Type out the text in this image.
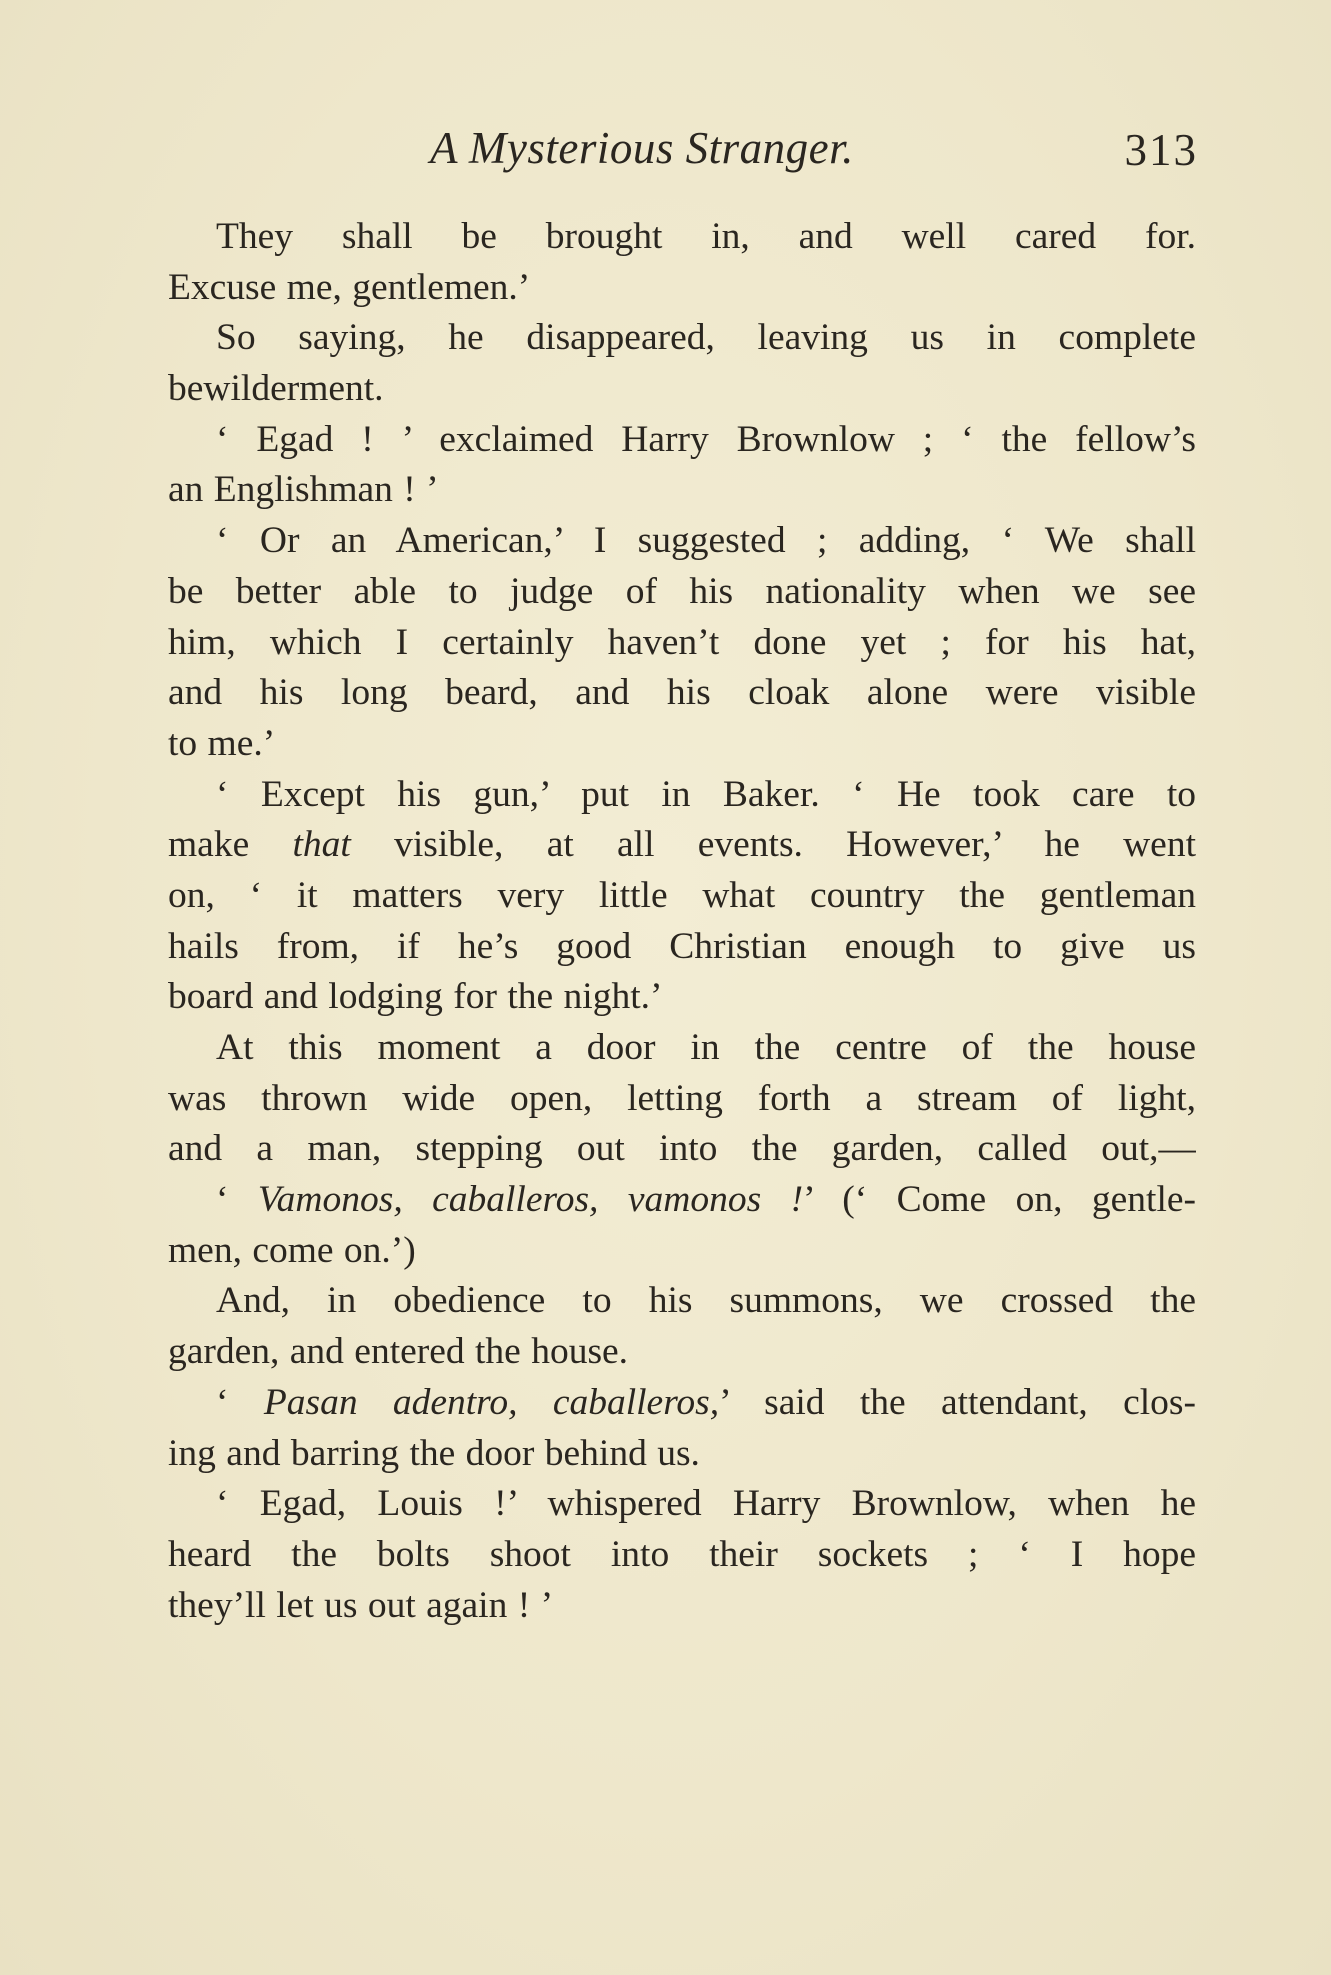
A Mysterious Stranger.	313
They shall be brought in, and well cared for.
Excuse me, gentlemen.’
So saying, he disappeared, leaving us in complete
bewilderment.
‘ Egad ! ’ exclaimed Harry Brownlow ; ‘ the fellow’s
an Englishman ! ’
‘ Or an American,’ I suggested ; adding, ‘ We shall
be better able to judge of his nationality when we see
him, which I certainly haven’t done yet ; for his hat,
and his long beard, and his cloak alone were visible
to me.’
‘ Except his gun,’ put in Baker. ‘ He took care to
make that visible, at all events. However,’ he went
on, ‘ it matters very little what country the gentleman
hails from, if he’s good Christian enough to give us
board and lodging for the night.’
At this moment a door in the centre of the house
was thrown wide open, letting forth a stream of light,
and a man, stepping out into the garden, called out,—
‘ Vamonos, caballeros, vamonos !’ (‘ Come on, gentle-
men, come on.’)
And, in obedience to his summons, we crossed the
garden, and entered the house.
‘ Pasan adentro, caballeros,’ said the attendant, clos-
ing and barring the door behind us.
‘ Egad, Louis !’ whispered Harry Brownlow, when he
heard the bolts shoot into their sockets ; ‘ I hope
they’ll let us out again ! ’
